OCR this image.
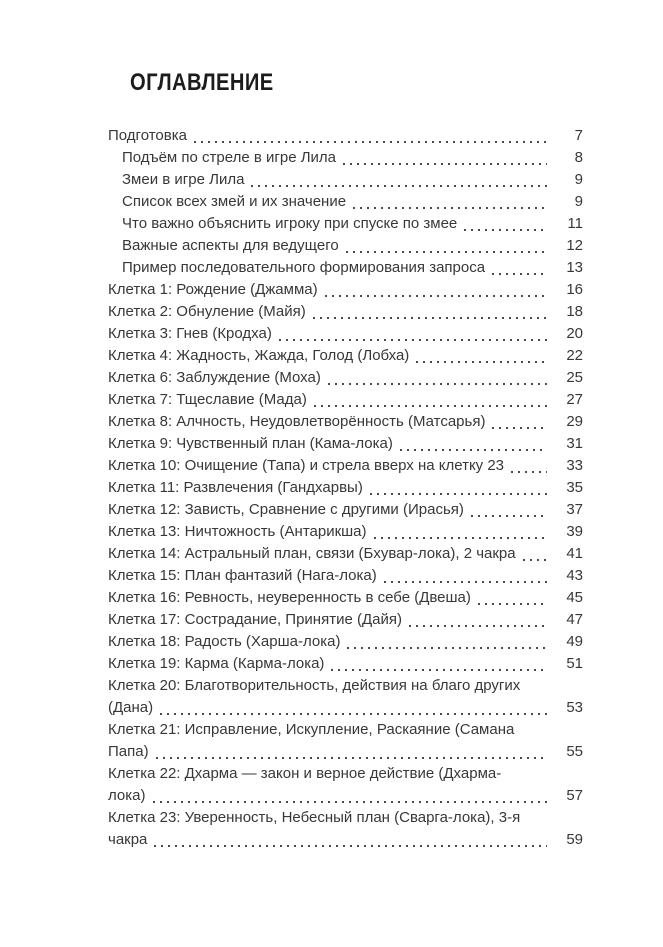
ОГЛАВЛЕНИЕ
Подготовка	7
Подъём по стреле в игре Лила	8
Змеи в игре Лила	9
Список всех змей и их значение	9
Что важно объяснить игроку при спуске по змее	11
Важные аспекты для ведущего	12
Пример последовательного формирования запроса	13
Клетка 1: Рождение (Джамма)	16
Клетка 2: Обнуление (Майя)	18
Клетка 3: Гнев (Кродха)	20
Клетка 4: Жадность, Жажда, Голод (Лобха)	22
Клетка 6: Заблуждение (Моха)	25
Клетка 7: Тщеславие (Мада)	27
Клетка 8: Алчность, Неудовлетворённость (Матсарья)	29
Клетка 9: Чувственный план (Кама-лока)	31
Клетка 10: Очищение (Тапа) и стрела вверх на клетку 23	33
Клетка 11: Развлечения (Гандхарвы)	35
Клетка 12: Зависть, Сравнение с другими (Ирасья)	37
Клетка 13: Ничтожность (Антарикша)	39
Клетка 14: Астральный план, связи (Бхувар-лока), 2 чакра	41
Клетка 15: План фантазий (Нага-лока)	43
Клетка 16: Ревность, неуверенность в себе (Двеша)	45
Клетка 17: Сострадание, Принятие (Дайя)	47
Клетка 18: Радость (Харша-лока)	49
Клетка 19: Карма (Карма-лока)	51
Клетка 20: Благотворительность, действия на благо других
(Дана)	53
Клетка 21: Исправление, Искупление, Раскаяние (Самана
Папа)	55
Клетка 22: Дхарма — закон и верное действие (Дхарма-
лока)	57
Клетка 23: Уверенность, Небесный план (Сварга-лока), 3-я
чакра	59
